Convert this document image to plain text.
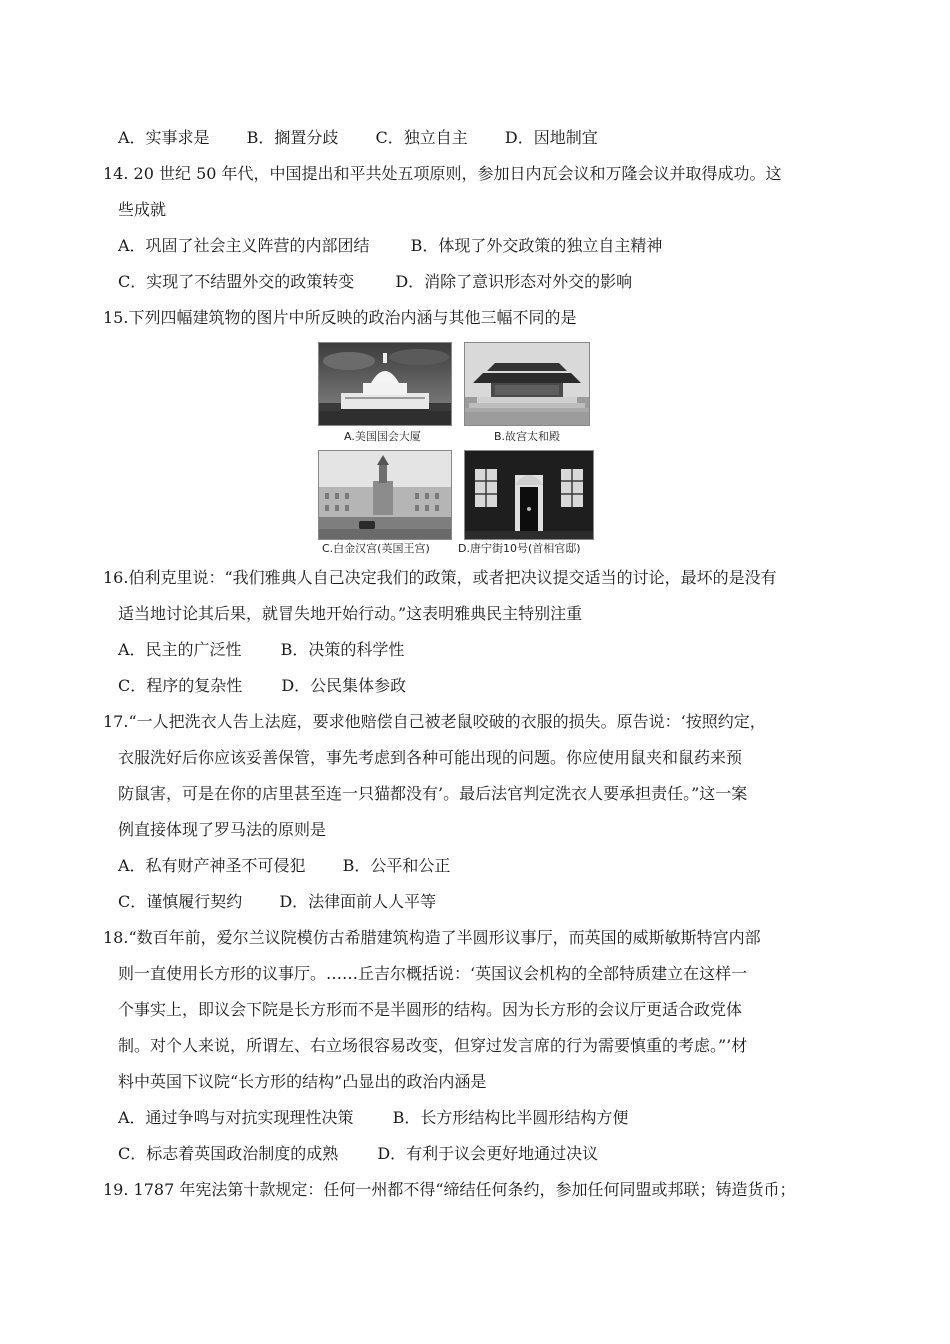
A．实事求是 B．搁置分歧 C．独立自主 D．因地制宜
14. 20 世纪 50 年代，中国提出和平共处五项原则，参加日内瓦会议和万隆会议并取得成功。这
些成就
A．巩固了社会主义阵营的内部团结	B．体现了外交政策的独立自主精神
C．实现了不结盟外交的政策转变	D．消除了意识形态对外交的影响
15.下列四幅建筑物的图片中所反映的政治内涵与其他三幅不同的是
A.美国国会大厦	B.故宫太和殿
C.白金汉宫(英国王宫)	D.唐宁街10号(首相官邸)
16.伯利克里说：“我们雅典人自己决定我们的政策，或者把决议提交适当的讨论，最坏的是没有
适当地讨论其后果，就冒失地开始行动。”这表明雅典民主特别注重
A．民主的广泛性 B．决策的科学性
C．程序的复杂性 D．公民集体参政
17.“一人把洗衣人告上法庭，要求他赔偿自己被老鼠咬破的衣服的损失。原告说：‘按照约定，
衣服洗好后你应该妥善保管，事先考虑到各种可能出现的问题。你应使用鼠夹和鼠药来预
防鼠害，可是在你的店里甚至连一只猫都没有’。最后法官判定洗衣人要承担责任。”这一案
例直接体现了罗马法的原则是
A．私有财产神圣不可侵犯 B．公平和公正
C．谨慎履行契约 D．法律面前人人平等
18.“数百年前，爱尔兰议院模仿古希腊建筑构造了半圆形议事厅，而英国的威斯敏斯特宫内部
则一直使用长方形的议事厅。……丘吉尔概括说：‘英国议会机构的全部特质建立在这样一
个事实上，即议会下院是长方形而不是半圆形的结构。因为长方形的会议厅更适合政党体
制。对个人来说，所谓左、右立场很容易改变，但穿过发言席的行为需要慎重的考虑。”’材
料中英国下议院“长方形的结构”凸显出的政治内涵是
A．通过争鸣与对抗实现理性决策 B．长方形结构比半圆形结构方便
C．标志着英国政治制度的成熟 D．有利于议会更好地通过决议
19. 1787 年宪法第十款规定：任何一州都不得“缔结任何条约，参加任何同盟或邦联；铸造货币；
